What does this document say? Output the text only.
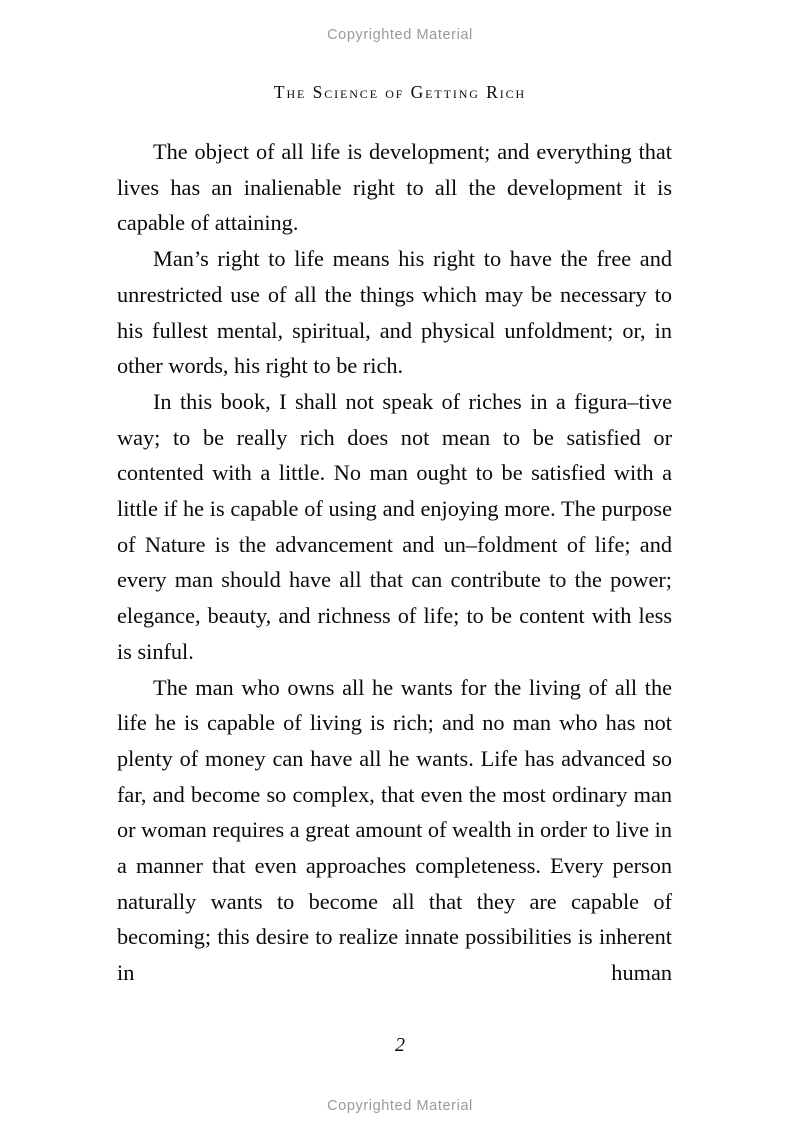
Copyrighted Material
The Science of Getting Rich

The object of all life is development; and everything that lives has an inalienable right to all the development it is capable of attaining.

Man’s right to life means his right to have the free and unrestricted use of all the things which may be necessary to his fullest mental, spiritual, and physical unfoldment; or, in other words, his right to be rich.

In this book, I shall not speak of riches in a figura–tive way; to be really rich does not mean to be satisfied or contented with a little. No man ought to be satisfied with a little if he is capable of using and enjoying more. The purpose of Nature is the advancement and un–foldment of life; and every man should have all that can contribute to the power; elegance, beauty, and richness of life; to be content with less is sinful.

The man who owns all he wants for the living of all the life he is capable of living is rich; and no man who has not plenty of money can have all he wants. Life has advanced so far, and become so complex, that even the most ordinary man or woman requires a great amount of wealth in order to live in a manner that even approaches completeness. Every person naturally wants to become all that they are capable of becoming; this desire to realize innate possibilities is inherent in human

2
Copyrighted Material
